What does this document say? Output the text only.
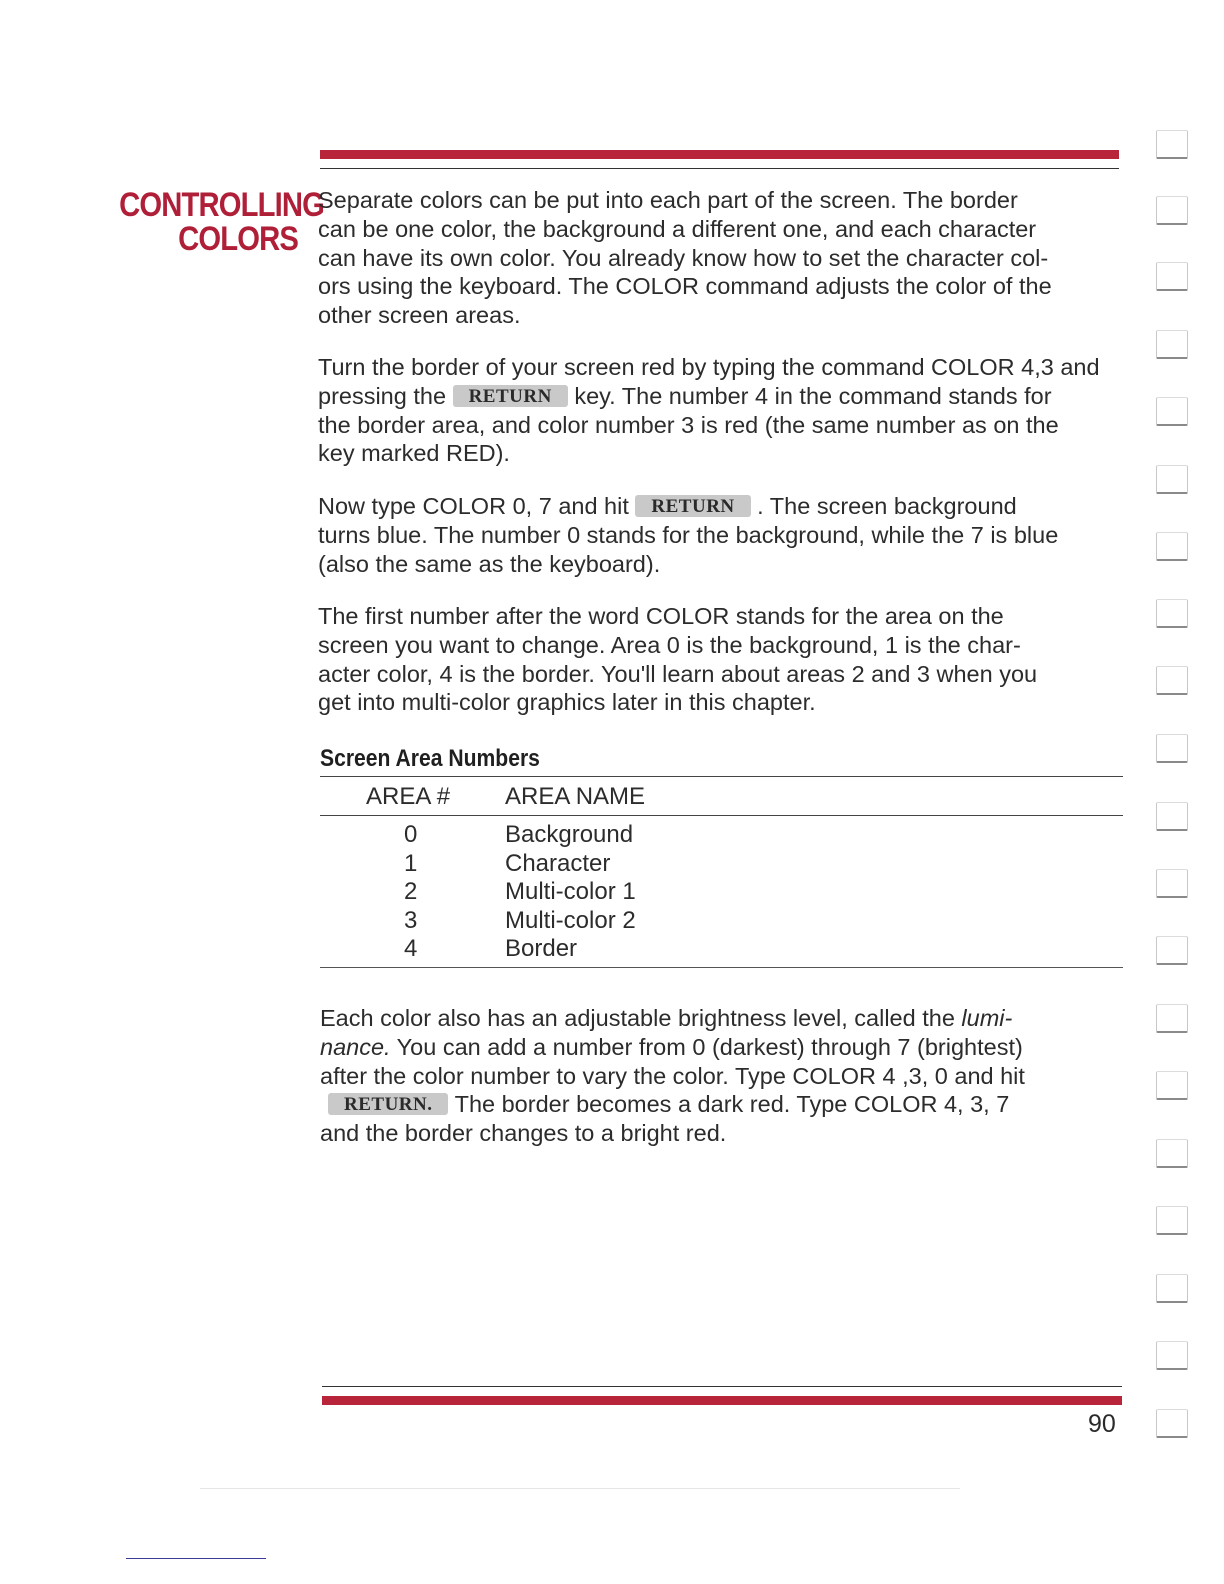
CONTROLLING
COLORS
Separate colors can be put into each part of the screen. The border
can be one color, the background a different one, and each character
can have its own color. You already know how to set the character col-
ors using the keyboard. The COLOR command adjusts the color of the
other screen areas.
Turn the border of your screen red by typing the command COLOR 4,3 and
pressing the RETURN key. The number 4 in the command stands for
the border area, and color number 3 is red (the same number as on the
key marked RED).
Now type COLOR 0, 7 and hit RETURN . The screen background
turns blue. The number 0 stands for the background, while the 7 is blue
(also the same as the keyboard).
The first number after the word COLOR stands for the area on the
screen you want to change. Area 0 is the background, 1 is the char-
acter color, 4 is the border. You'll learn about areas 2 and 3 when you
get into multi-color graphics later in this chapter.
Screen Area Numbers
AREA # AREA NAME
0	Background
1	Character
2	Multi-color 1
3	Multi-color 2
4	Border
Each color also has an adjustable brightness level, called the lumi-
nance. You can add a number from 0 (darkest) through 7 (brightest)
after the color number to vary the color. Type COLOR 4 ,3, 0 and hit
RETURN. The border becomes a dark red. Type COLOR 4, 3, 7
and the border changes to a bright red.
90
